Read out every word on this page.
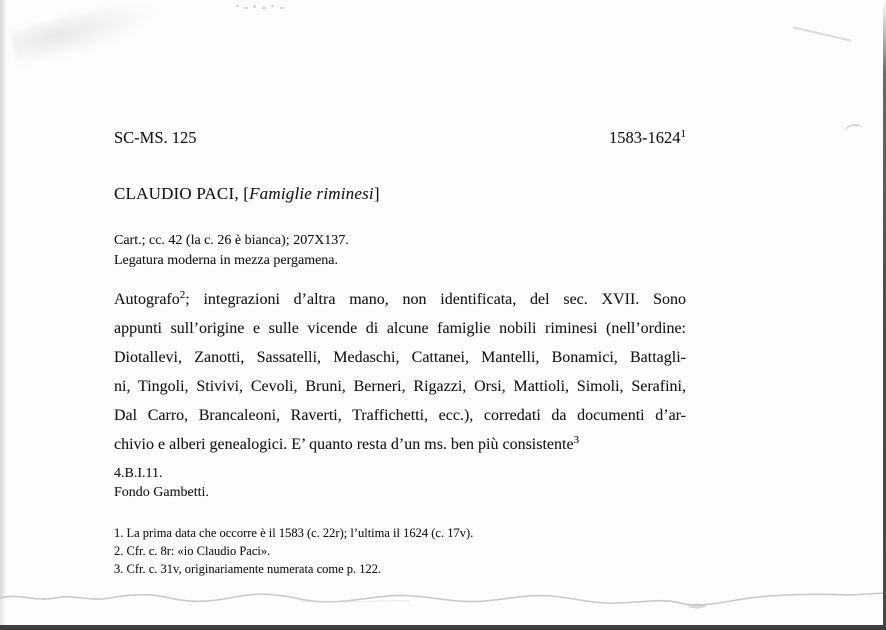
SC-MS. 125	1583-1624$^1$
CLAUDIO PACI, [Famiglie riminesi]
Cart.; cc. 42 (la c. 26 è bianca); 207X137.
Legatura moderna in mezza pergamena.
Autografo$^2$; integrazioni d’altra mano, non identificata, del sec. XVII. Sono
appunti sull’origine e sulle vicende di alcune famiglie nobili riminesi (nell’ordine:
Diotallevi, Zanotti, Sassatelli, Medaschi, Cattanei, Mantelli, Bonamici, Battagli-
ni, Tingoli, Stivivi, Cevoli, Bruni, Berneri, Rigazzi, Orsi, Mattioli, Simoli, Serafini,
Dal Carro, Brancaleoni, Raverti, Traffichetti, ecc.), corredati da documenti d’ar-
chivio e alberi genealogici. E’ quanto resta d’un ms. ben più consistente$^3$
4.B.I.11.
Fondo Gambetti.
1. La prima data che occorre è il 1583 (c. 22r); l’ultima il 1624 (c. 17v).
2. Cfr. c. 8r: «io Claudio Paci».
3. Cfr. c. 31v, originariamente numerata come p. 122.
